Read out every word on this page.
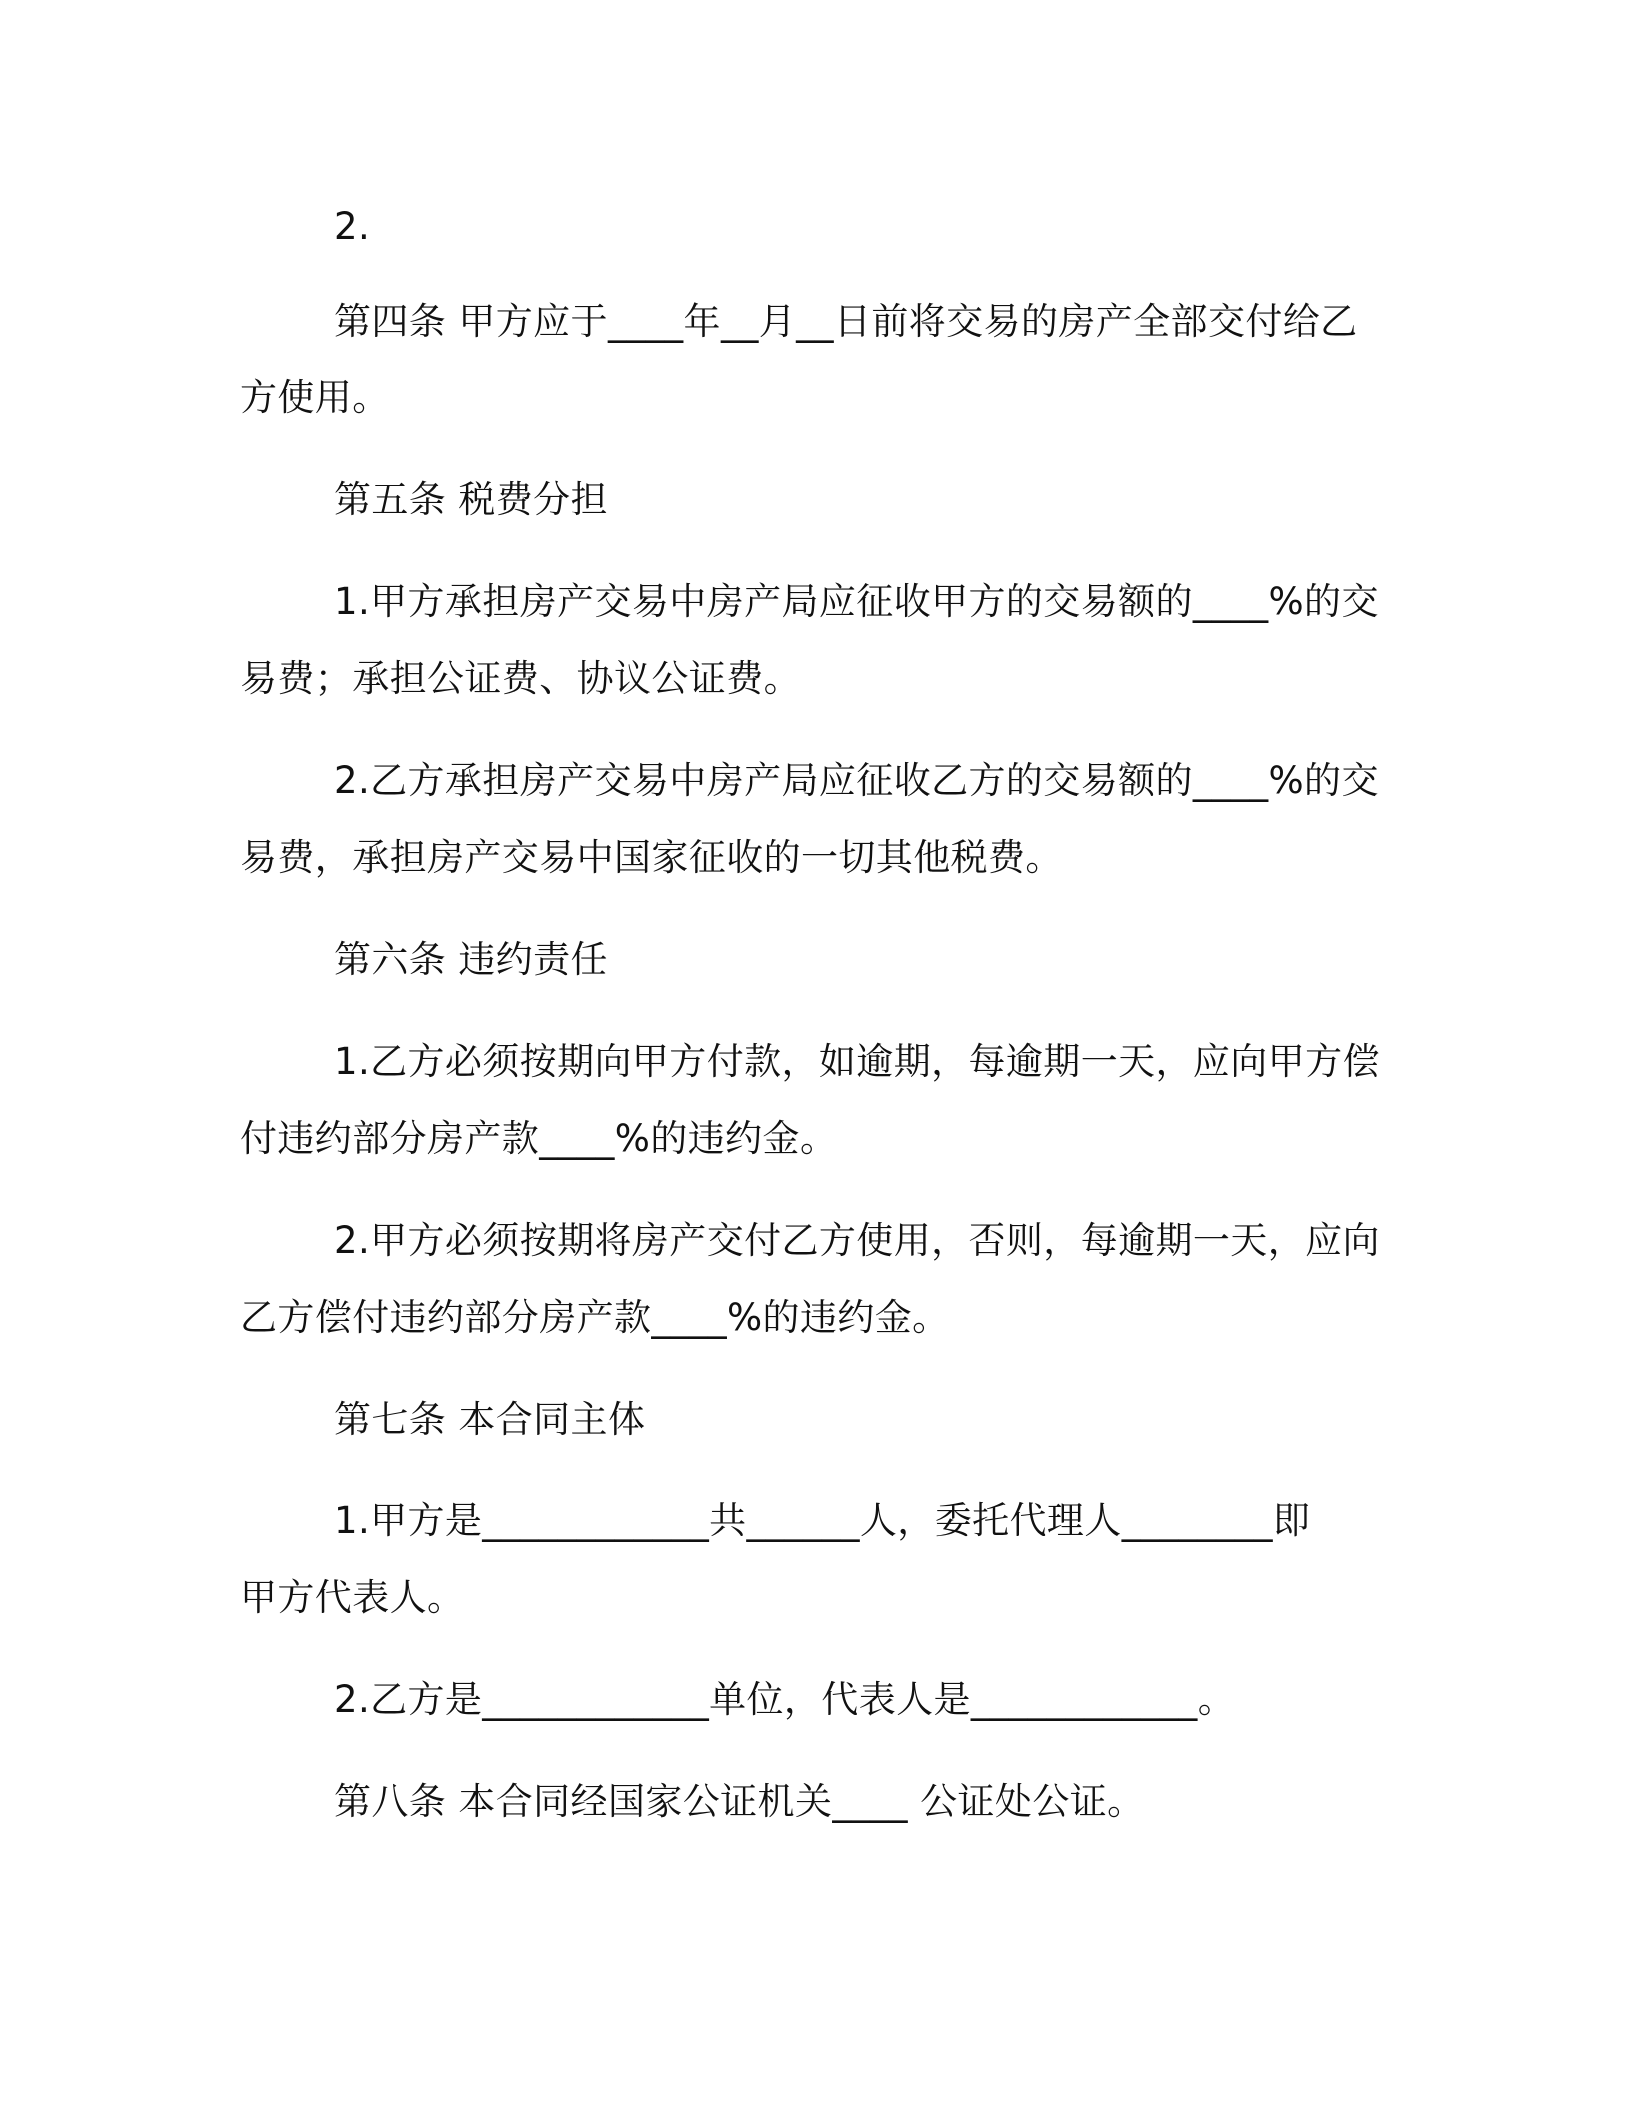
2.
第四条 甲方应于____年__月__日前将交易的房产全部交付给乙
方使用。
第五条 税费分担
1.甲方承担房产交易中房产局应征收甲方的交易额的____%的交
易费；承担公证费、协议公证费。
2.乙方承担房产交易中房产局应征收乙方的交易额的____%的交
易费，承担房产交易中国家征收的一切其他税费。
第六条 违约责任
1.乙方必须按期向甲方付款，如逾期，每逾期一天，应向甲方偿
付违约部分房产款____%的违约金。
2.甲方必须按期将房产交付乙方使用，否则，每逾期一天，应向
乙方偿付违约部分房产款____%的违约金。
第七条 本合同主体
1.甲方是____________共______人，委托代理人________即
甲方代表人。
2.乙方是____________单位，代表人是____________。
第八条 本合同经国家公证机关____ 公证处公证。
